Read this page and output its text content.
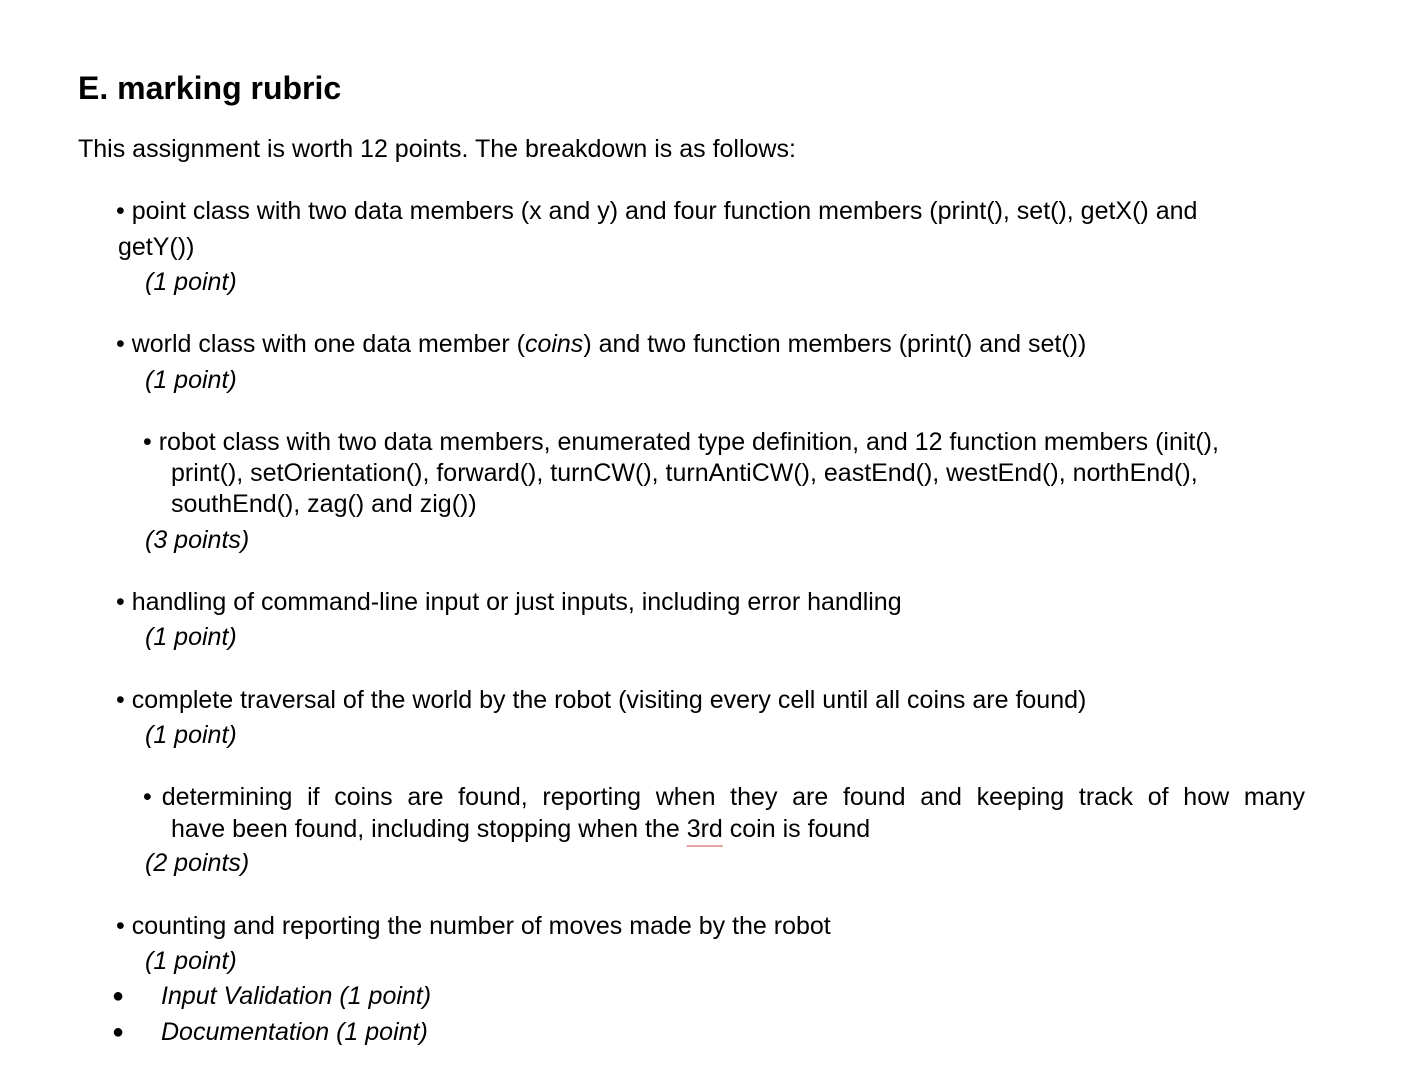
E. marking rubric
This assignment is worth 12 points. The breakdown is as follows:
• point class with two data members (x and y) and four function members (print(), set(), getX() and
getY())
(1 point)
• world class with one data member (coins) and two function members (print() and set())
(1 point)
• robot class with two data members, enumerated type definition, and 12 function members (init(),
print(), setOrientation(), forward(), turnCW(), turnAntiCW(), eastEnd(), westEnd(), northEnd(),
southEnd(), zag() and zig())
(3 points)
• handling of command-line input or just inputs, including error handling
(1 point)
• complete traversal of the world by the robot (visiting every cell until all coins are found)
(1 point)
• determining if coins are found, reporting when they are found and keeping track of how many
have been found, including stopping when the 3rd coin is found
(2 points)
• counting and reporting the number of moves made by the robot
(1 point)
● Input Validation (1 point)
● Documentation (1 point)
